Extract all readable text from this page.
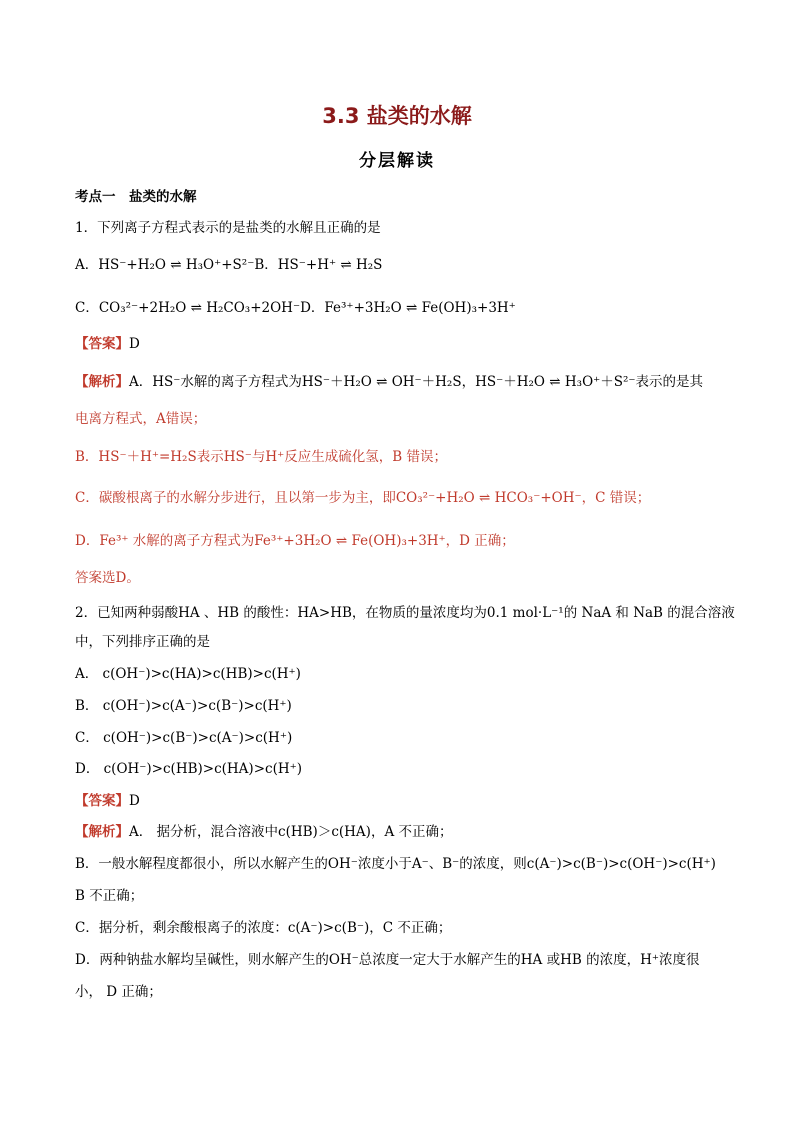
3.3 盐类的水解
分层解读
考点一　盐类的水解
1．下列离子方程式表示的是盐类的水解且正确的是
A．HS⁻+H₂O ⇌ H₃O⁺+S²⁻B．HS⁻+H⁺ ⇌ H₂S
C．CO₃²⁻+2H₂O ⇌ H₂CO₃+2OH⁻D．Fe³⁺+3H₂O ⇌ Fe(OH)₃+3H⁺
【答案】D
【解析】A．HS⁻水解的离子方程式为HS⁻＋H₂O ⇌ OH⁻＋H₂S，HS⁻＋H₂O ⇌ H₃O⁺＋S²⁻表示的是其
电离方程式，A错误；
B．HS⁻＋H⁺=H₂S表示HS⁻与H⁺反应生成硫化氢，B 错误；
C．碳酸根离子的水解分步进行，且以第一步为主，即CO₃²⁻+H₂O ⇌ HCO₃⁻+OH⁻，C 错误；
D．Fe³⁺ 水解的离子方程式为Fe³⁺+3H₂O ⇌ Fe(OH)₃+3H⁺，D 正确；
答案选D。
2．已知两种弱酸HA 、HB 的酸性：HA>HB，在物质的量浓度均为0.1 mol·L⁻¹的 NaA 和 NaB 的混合溶液
中，下列排序正确的是
A． c(OH⁻)>c(HA)>c(HB)>c(H⁺)
B． c(OH⁻)>c(A⁻)>c(B⁻)>c(H⁺)
C． c(OH⁻)>c(B⁻)>c(A⁻)>c(H⁺)
D． c(OH⁻)>c(HB)>c(HA)>c(H⁺)
【答案】D
【解析】A． 据分析，混合溶液中c(HB)＞c(HA)，A 不正确；
B．一般水解程度都很小，所以水解产生的OH⁻浓度小于A⁻、B⁻的浓度，则c(A⁻)>c(B⁻)>c(OH⁻)>c(H⁺)
B 不正确；
C．据分析，剩余酸根离子的浓度：c(A⁻)>c(B⁻)，C 不正确；
D．两种钠盐水解均呈碱性，则水解产生的OH⁻总浓度一定大于水解产生的HA 或HB 的浓度，H⁺浓度很
小， D 正确；
